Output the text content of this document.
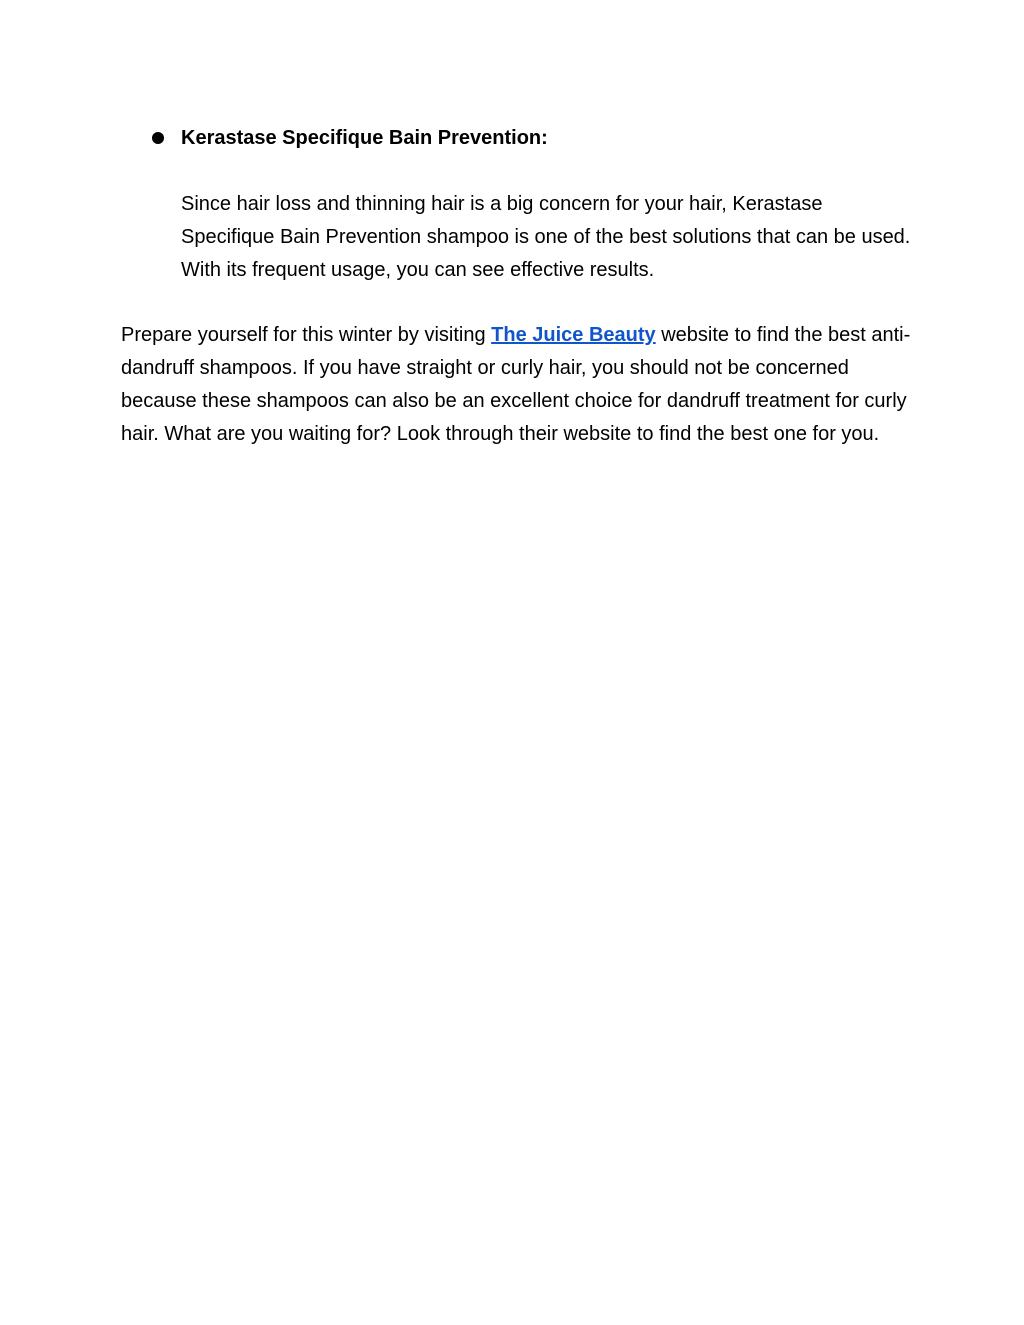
Kerastase Specifique Bain Prevention:
Since hair loss and thinning hair is a big concern for your hair, Kerastase Specifique Bain Prevention shampoo is one of the best solutions that can be used. With its frequent usage, you can see effective results.

Prepare yourself for this winter by visiting The Juice Beauty website to find the best anti-dandruff shampoos. If you have straight or curly hair, you should not be concerned because these shampoos can also be an excellent choice for dandruff treatment for curly hair. What are you waiting for? Look through their website to find the best one for you.
